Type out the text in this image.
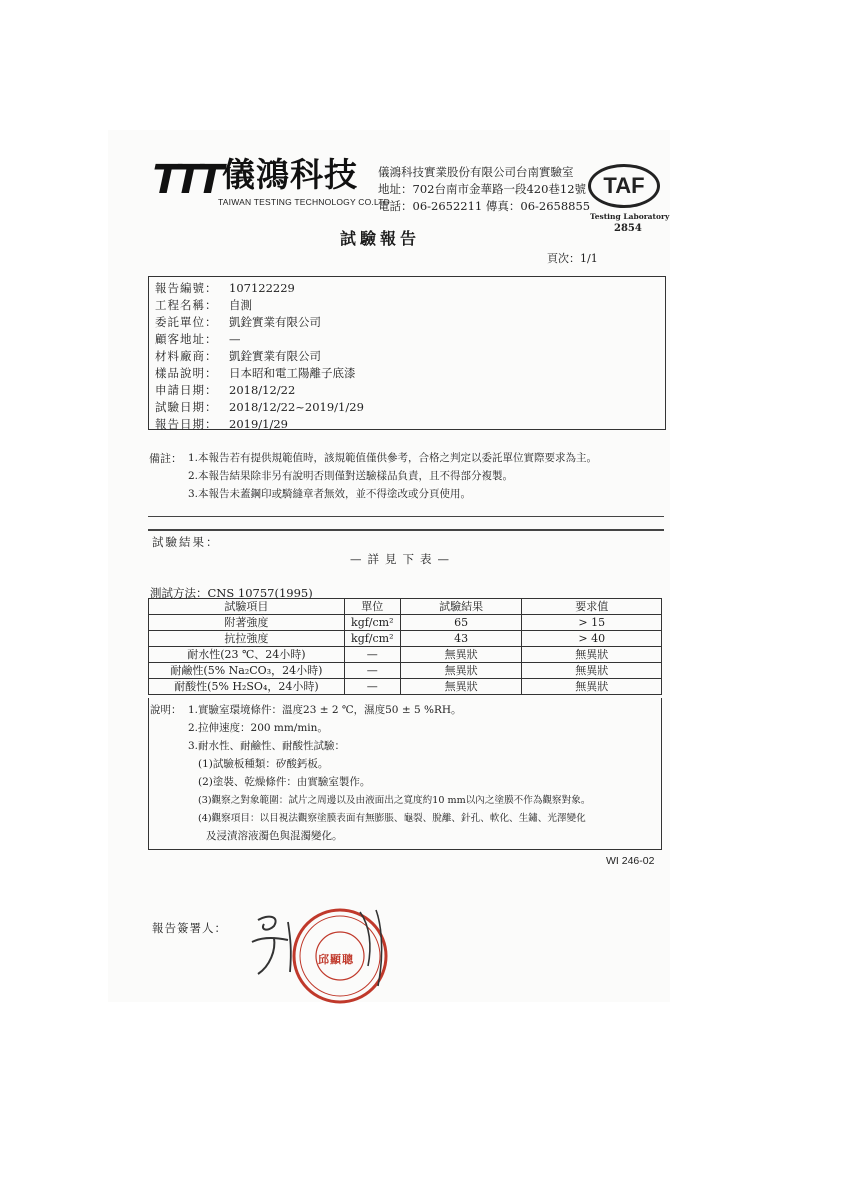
TTT 儀鴻科技
TAIWAN TESTING TECHNOLOGY CO.LTD
儀鴻科技實業股份有限公司台南實驗室
地址：702台南市金華路一段420巷12號
電話：06-2652211 傳真：06-2658855
TAF
Testing Laboratory
2854
試驗報告
頁次：1/1
報告編號： 107122229
工程名稱： 自測
委託單位： 凱銓實業有限公司
顧客地址： —
材料廠商： 凱銓實業有限公司
樣品說明： 日本昭和電工陽離子底漆
申請日期： 2018/12/22
試驗日期： 2018/12/22~2019/1/29
報告日期： 2019/1/29
備註： 1.本報告若有提供規範值時，該規範值僅供參考，合格之判定以委託單位實際要求為主。
2.本報告結果除非另有說明否則僅對送驗樣品負責，且不得部分複製。
3.本報告未蓋鋼印或騎縫章者無效，並不得塗改或分頁使用。
試驗結果：
—詳見下表—
測試方法：CNS 10757(1995)
試驗項目	單位	試驗結果	要求值
附著強度	kgf/cm²	65	> 15
抗拉強度	kgf/cm²	43	> 40
耐水性(23 ℃、24小時)	—	無異狀	無異狀
耐鹼性(5% Na₂CO₃，24小時)	—	無異狀	無異狀
耐酸性(5% H₂SO₄，24小時)	—	無異狀	無異狀
說明： 1.實驗室環境條件：溫度23 ± 2 ℃，濕度50 ± 5 %RH。
2.拉伸速度：200 mm/min。
3.耐水性、耐鹼性、耐酸性試驗：
(1)試驗板種類：矽酸鈣板。
(2)塗裝、乾燥條件：由實驗室製作。
(3)觀察之對象範圍：試片之周邊以及由液面出之寬度約10 mm以內之塗膜不作為觀察對象。
(4)觀察項目：以目視法觀察塗膜表面有無膨脹、龜裂、脫離、針孔、軟化、生鏽、光澤變化
及浸漬溶液濁色與混濁變化。
WI 246-02
報告簽署人：
邱顯聰
